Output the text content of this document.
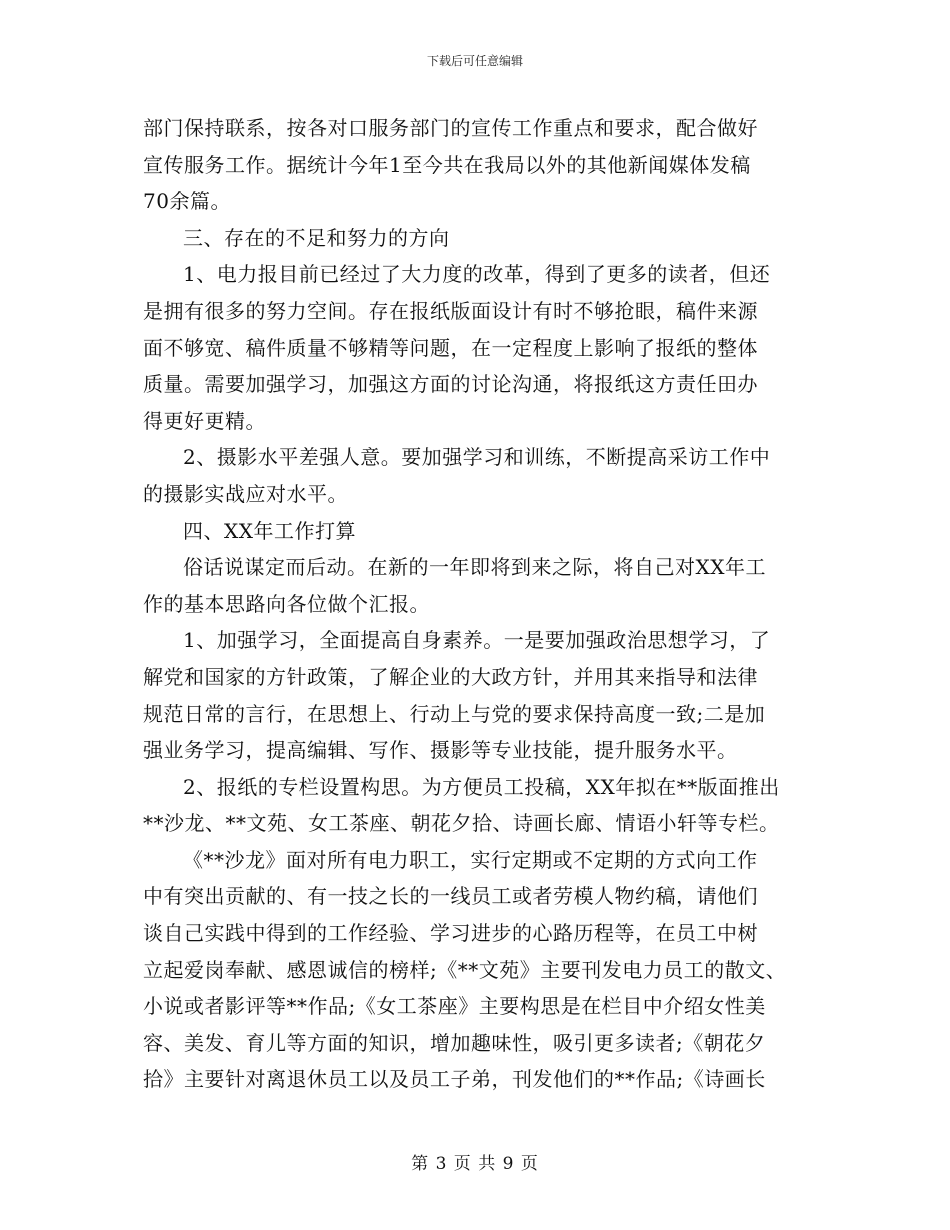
下载后可任意编辑
部门保持联系，按各对口服务部门的宣传工作重点和要求，配合做好
宣传服务工作。据统计今年1至今共在我局以外的其他新闻媒体发稿
70余篇。
三、存在的不足和努力的方向
1、电力报目前已经过了大力度的改革，得到了更多的读者，但还
是拥有很多的努力空间。存在报纸版面设计有时不够抢眼，稿件来源
面不够宽、稿件质量不够精等问题，在一定程度上影响了报纸的整体
质量。需要加强学习，加强这方面的讨论沟通，将报纸这方责任田办
得更好更精。
2、摄影水平差强人意。要加强学习和训练，不断提高采访工作中
的摄影实战应对水平。
四、XX年工作打算
俗话说谋定而后动。在新的一年即将到来之际，将自己对XX年工
作的基本思路向各位做个汇报。
1、加强学习，全面提高自身素养。一是要加强政治思想学习，了
解党和国家的方针政策，了解企业的大政方针，并用其来指导和法律
规范日常的言行，在思想上、行动上与党的要求保持高度一致;二是加
强业务学习，提高编辑、写作、摄影等专业技能，提升服务水平。
2、报纸的专栏设置构思。为方便员工投稿，XX年拟在**版面推出
**沙龙、**文苑、女工茶座、朝花夕拾、诗画长廊、情语小轩等专栏。
《**沙龙》面对所有电力职工，实行定期或不定期的方式向工作
中有突出贡献的、有一技之长的一线员工或者劳模人物约稿，请他们
谈自己实践中得到的工作经验、学习进步的心路历程等，在员工中树
立起爱岗奉献、感恩诚信的榜样;《**文苑》主要刊发电力员工的散文、
小说或者影评等**作品;《女工茶座》主要构思是在栏目中介绍女性美
容、美发、育儿等方面的知识，增加趣味性，吸引更多读者;《朝花夕
拾》主要针对离退休员工以及员工子弟，刊发他们的**作品;《诗画长
第 3 页 共 9 页
